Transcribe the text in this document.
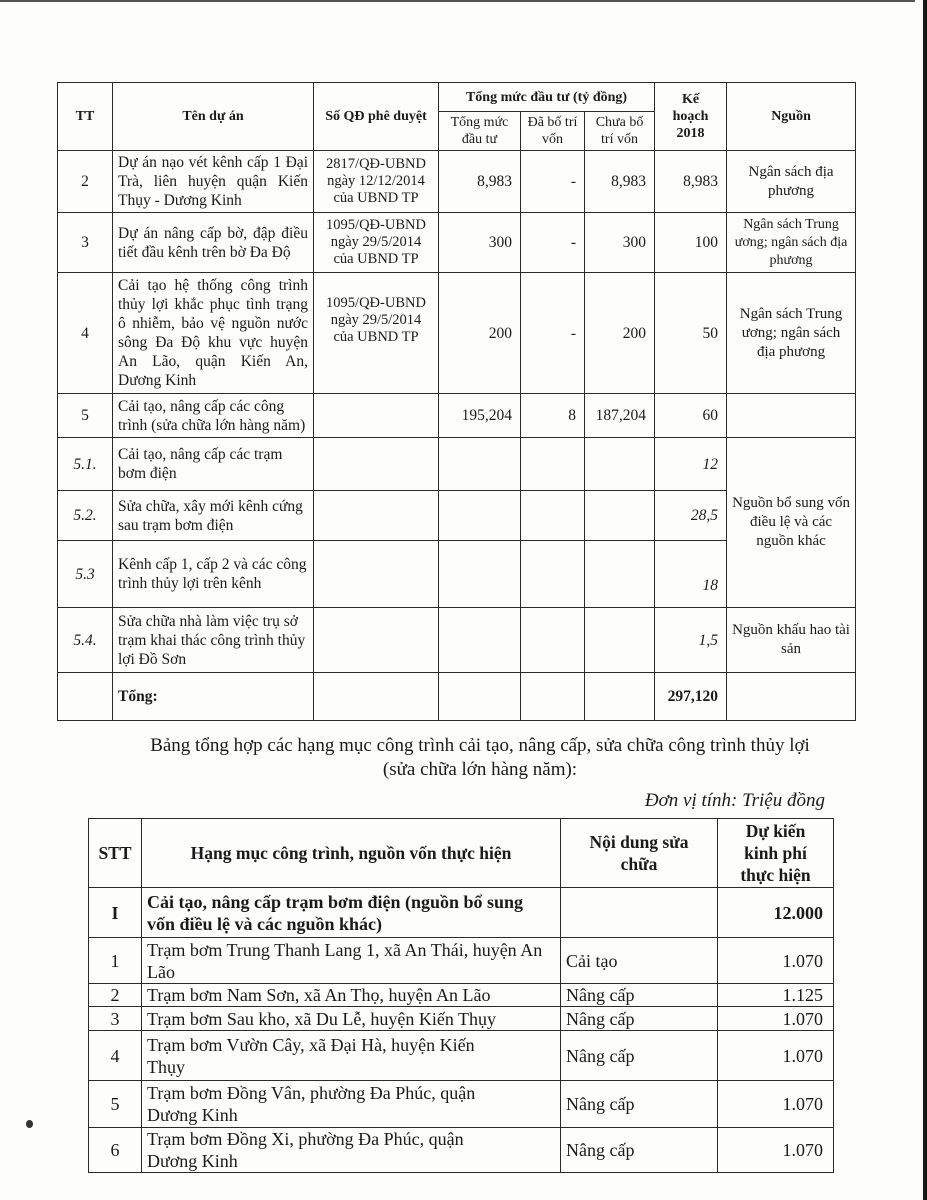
TT	Tên dự án	Số QĐ phê duyệt	Tổng mức đầu tư (tỷ đồng)			Kế hoạch 2018	Nguồn
			Tổng mức đầu tư	Đã bố trí vốn	Chưa bố trí vốn		
2	Dự án nạo vét kênh cấp 1 Đại Trà, liên huyện quận Kiến Thụy - Dương Kinh	2817/QĐ-UBND ngày 12/12/2014 của UBND TP	8,983	-	8,983	8,983	Ngân sách địa phương
3	Dự án nâng cấp bờ, đập điều tiết đầu kênh trên bờ Đa Độ	1095/QĐ-UBND ngày 29/5/2014 của UBND TP	300	-	300	100	Ngân sách Trung ương; ngân sách địa phương
4	Cải tạo hệ thống công trình thủy lợi khắc phục tình trạng ô nhiễm, bảo vệ nguồn nước sông Đa Độ khu vực huyện An Lão, quận Kiến An, Dương Kinh	1095/QĐ-UBND ngày 29/5/2014 của UBND TP	200	-	200	50	Ngân sách Trung ương; ngân sách địa phương
5	Cải tạo, nâng cấp các công trình (sửa chữa lớn hàng năm)		195,204	8	187,204	60	
5.1.	Cải tạo, nâng cấp các trạm bơm điện					12	Nguồn bổ sung vốn điều lệ và các nguồn khác
5.2.	Sửa chữa, xây mới kênh cứng sau trạm bơm điện					28,5	
5.3	Kênh cấp 1, cấp 2 và các công trình thủy lợi trên kênh					18	
5.4.	Sửa chữa nhà làm việc trụ sở trạm khai thác công trình thủy lợi Đồ Sơn					1,5	Nguồn khấu hao tài sản
	Tổng:					297,120	
Bảng tổng hợp các hạng mục công trình cải tạo, nâng cấp, sửa chữa công trình thủy lợi (sửa chữa lớn hàng năm):
Đơn vị tính: Triệu đồng
STT	Hạng mục công trình, nguồn vốn thực hiện	Nội dung sửa chữa	Dự kiến kinh phí thực hiện
I	Cải tạo, nâng cấp trạm bơm điện (nguồn bổ sung vốn điều lệ và các nguồn khác)		12.000
1	Trạm bơm Trung Thanh Lang 1, xã An Thái, huyện An Lão	Cải tạo	1.070
2	Trạm bơm Nam Sơn, xã An Thọ, huyện An Lão	Nâng cấp	1.125
3	Trạm bơm Sau kho, xã Du Lễ, huyện Kiến Thụy	Nâng cấp	1.070
4	Trạm bơm Vườn Cây, xã Đại Hà, huyện Kiến Thụy	Nâng cấp	1.070
5	Trạm bơm Đồng Vân, phường Đa Phúc, quận Dương Kinh	Nâng cấp	1.070
6	Trạm bơm Đồng Xi, phường Đa Phúc, quận Dương Kinh	Nâng cấp	1.070
